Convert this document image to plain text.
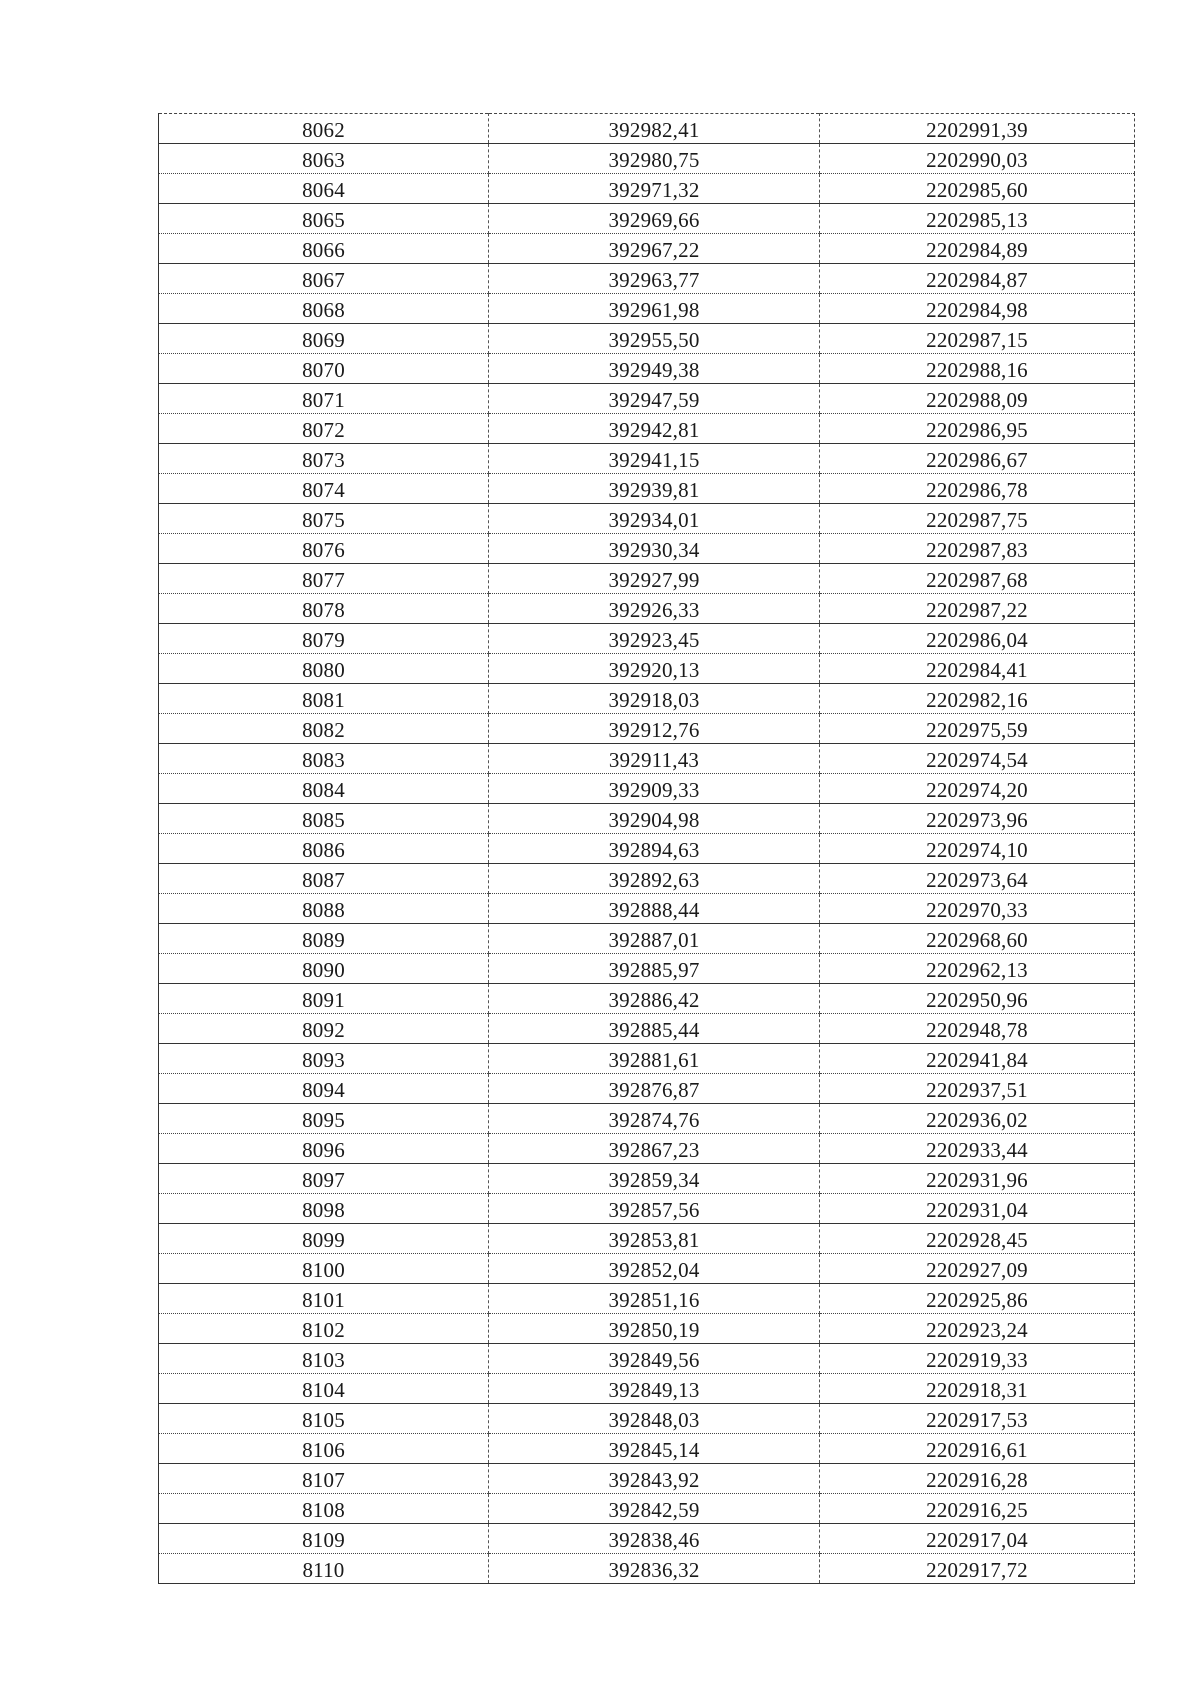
8062	392982,41	2202991,39
8063	392980,75	2202990,03
8064	392971,32	2202985,60
8065	392969,66	2202985,13
8066	392967,22	2202984,89
8067	392963,77	2202984,87
8068	392961,98	2202984,98
8069	392955,50	2202987,15
8070	392949,38	2202988,16
8071	392947,59	2202988,09
8072	392942,81	2202986,95
8073	392941,15	2202986,67
8074	392939,81	2202986,78
8075	392934,01	2202987,75
8076	392930,34	2202987,83
8077	392927,99	2202987,68
8078	392926,33	2202987,22
8079	392923,45	2202986,04
8080	392920,13	2202984,41
8081	392918,03	2202982,16
8082	392912,76	2202975,59
8083	392911,43	2202974,54
8084	392909,33	2202974,20
8085	392904,98	2202973,96
8086	392894,63	2202974,10
8087	392892,63	2202973,64
8088	392888,44	2202970,33
8089	392887,01	2202968,60
8090	392885,97	2202962,13
8091	392886,42	2202950,96
8092	392885,44	2202948,78
8093	392881,61	2202941,84
8094	392876,87	2202937,51
8095	392874,76	2202936,02
8096	392867,23	2202933,44
8097	392859,34	2202931,96
8098	392857,56	2202931,04
8099	392853,81	2202928,45
8100	392852,04	2202927,09
8101	392851,16	2202925,86
8102	392850,19	2202923,24
8103	392849,56	2202919,33
8104	392849,13	2202918,31
8105	392848,03	2202917,53
8106	392845,14	2202916,61
8107	392843,92	2202916,28
8108	392842,59	2202916,25
8109	392838,46	2202917,04
8110	392836,32	2202917,72
